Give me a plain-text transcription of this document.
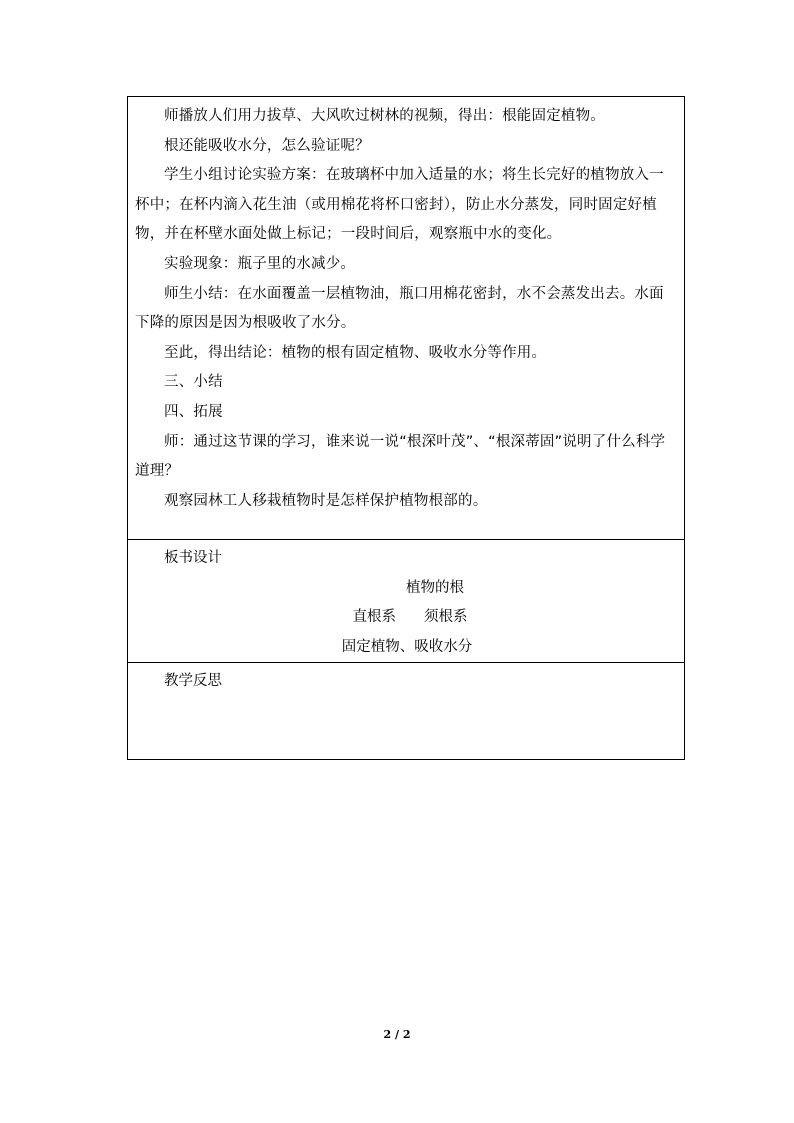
师播放人们用力拔草、大风吹过树林的视频，得出：根能固定植物。

根还能吸收水分，怎么验证呢？

学生小组讨论实验方案：在玻璃杯中加入适量的水；将生长完好的植物放入一杯中；在杯内滴入花生油（或用棉花将杯口密封），防止水分蒸发，同时固定好植物，并在杯壁水面处做上标记；一段时间后，观察瓶中水的变化。

实验现象：瓶子里的水减少。

师生小结：在水面覆盖一层植物油，瓶口用棉花密封，水不会蒸发出去。水面下降的原因是因为根吸收了水分。

至此，得出结论：植物的根有固定植物、吸收水分等作用。

三、小结

四、拓展

师：通过这节课的学习，谁来说一说“根深叶茂”、“根深蒂固”说明了什么科学道理？

观察园林工人移栽植物时是怎样保护植物根部的。

板书设计

植物的根

直根系 须根系

固定植物、吸收水分

教学反思

2 / 2
